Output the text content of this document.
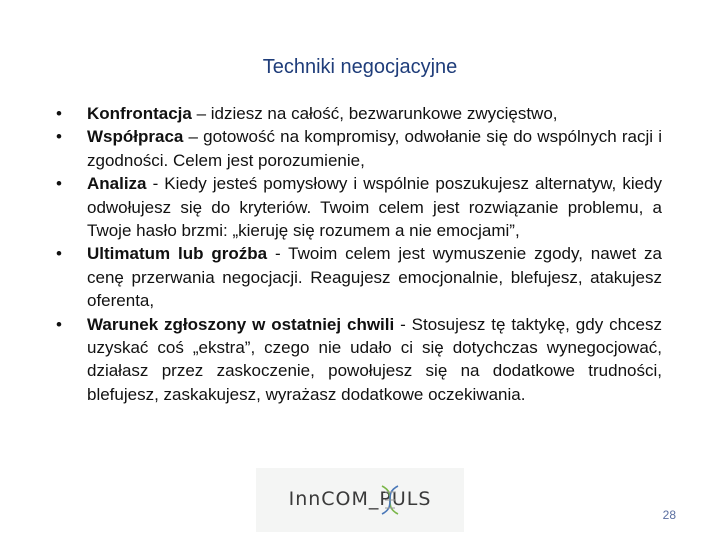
Techniki negocjacyjne
• Konfrontacja – idziesz na całość, bezwarunkowe zwycięstwo,
• Współpraca – gotowość na kompromisy, odwołanie się do wspólnych racji i zgodności. Celem jest porozumienie,
• Analiza - Kiedy jesteś pomysłowy i wspólnie poszukujesz alternatyw, kiedy odwołujesz się do kryteriów. Twoim celem jest rozwiązanie problemu, a Twoje hasło brzmi: „kieruję się rozumem a nie emocjami”,
• Ultimatum lub groźba - Twoim celem jest wymuszenie zgody, nawet za cenę przerwania negocjacji. Reagujesz emocjonalnie, blefujesz, atakujesz oferenta,
• Warunek zgłoszony w ostatniej chwili - Stosujesz tę taktykę, gdy chcesz uzyskać coś „ekstra”, czego nie udało ci się dotychczas wynegocjować, działasz przez zaskoczenie, powołujesz się na dodatkowe trudności, blefujesz, zaskakujesz, wyrażasz dodatkowe oczekiwania.
InnCOM_PULS
28
